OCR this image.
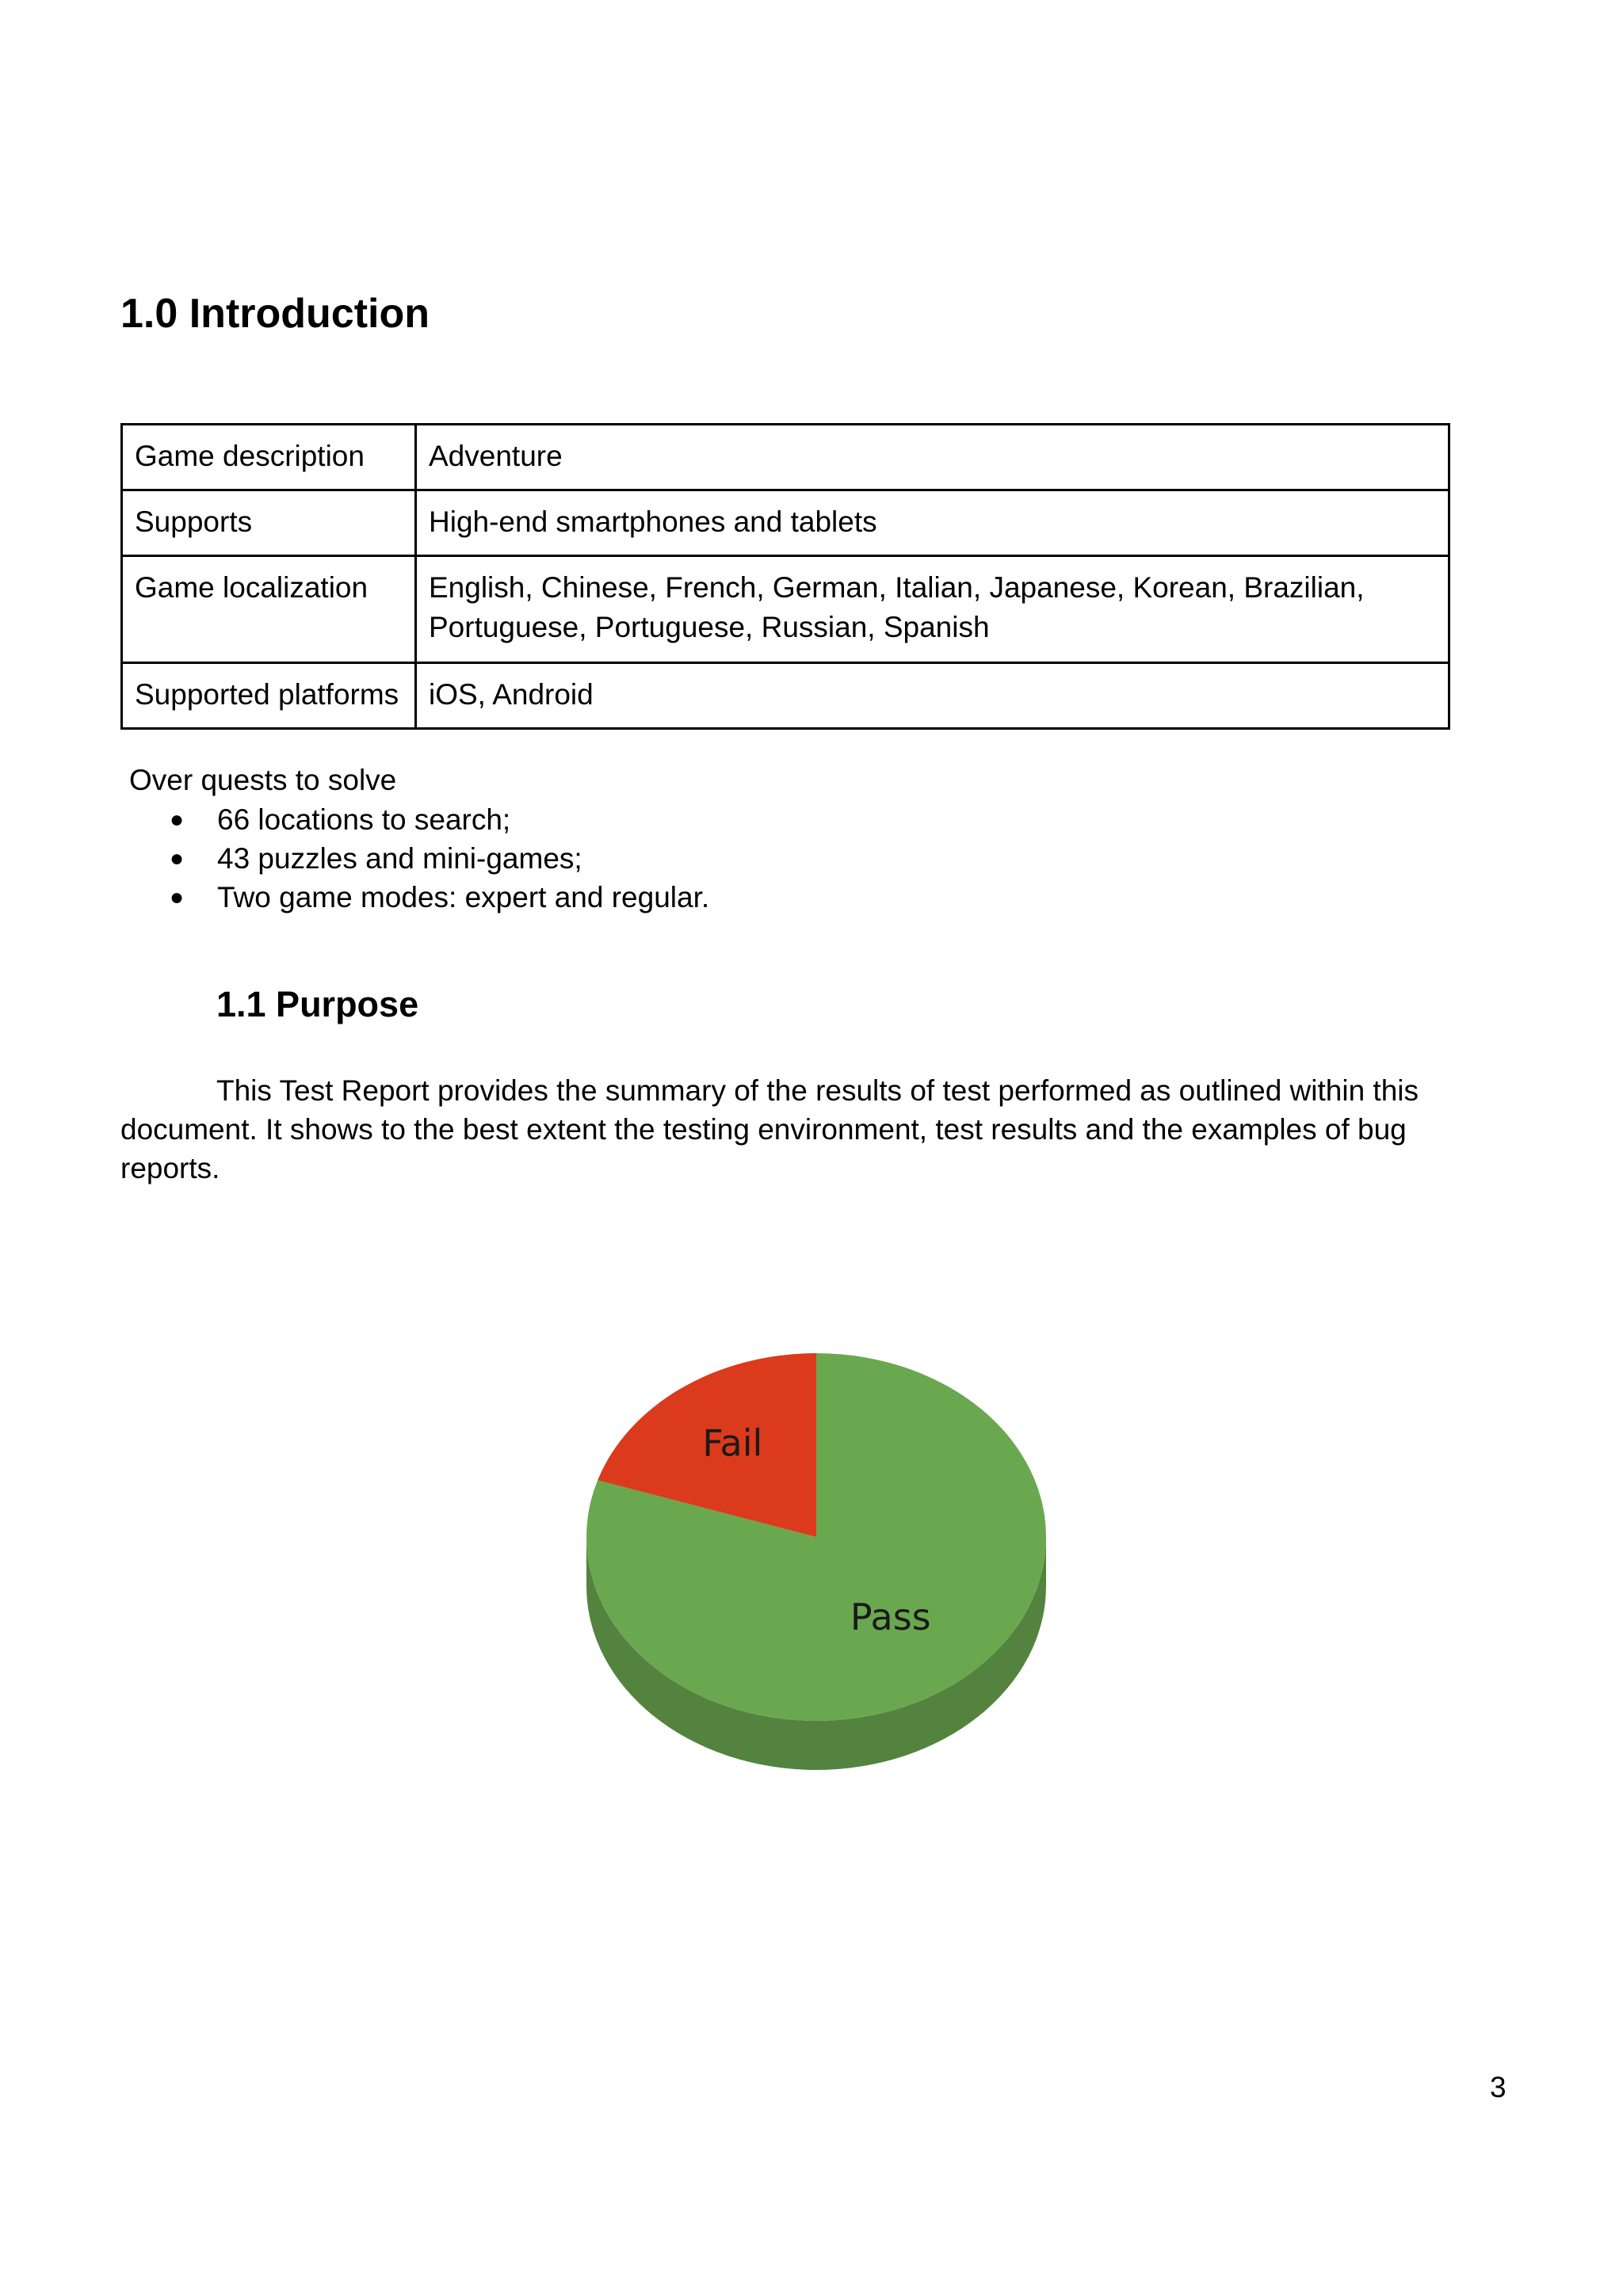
1.0 Introduction
Game description	Adventure
Supports	High-end smartphones and tablets
Game localization	English, Chinese, French, German, Italian, Japanese, Korean, Brazilian, Portuguese, Portuguese, Russian, Spanish
Supported platforms	iOS, Android
Over quests to solve
● 66 locations to search;
● 43 puzzles and mini-games;
● Two game modes: expert and regular.
1.1 Purpose

This Test Report provides the summary of the results of test performed as outlined within this document. It shows to the best extent the testing environment, test results and the examples of bug reports.

Pass
Fail
3
